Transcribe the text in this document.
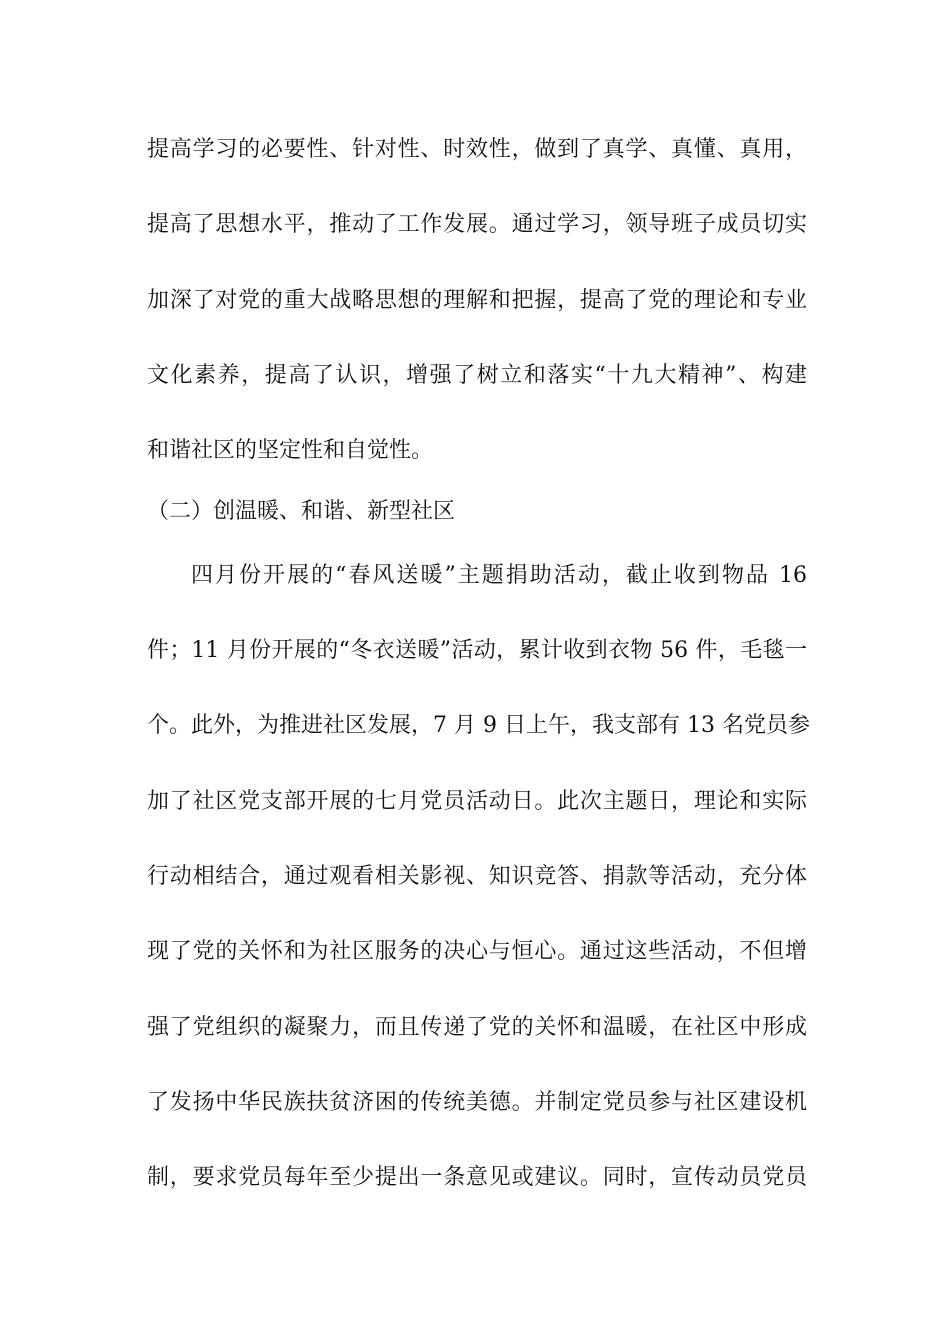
提高学习的必要性、针对性、时效性，做到了真学、真懂、真用，
提高了思想水平，推动了工作发展。通过学习，领导班子成员切实
加深了对党的重大战略思想的理解和把握，提高了党的理论和专业
文化素养，提高了认识，增强了树立和落实“十九大精神”、构建
和谐社区的坚定性和自觉性。
（二）创温暖、和谐、新型社区
四月份开展的“春风送暖”主题捐助活动，截止收到物品 16
件；11 月份开展的“冬衣送暖”活动，累计收到衣物 56 件，毛毯一
个。此外，为推进社区发展，7 月 9 日上午，我支部有 13 名党员参
加了社区党支部开展的七月党员活动日。此次主题日，理论和实际
行动相结合，通过观看相关影视、知识竞答、捐款等活动，充分体
现了党的关怀和为社区服务的决心与恒心。通过这些活动，不但增
强了党组织的凝聚力，而且传递了党的关怀和温暖，在社区中形成
了发扬中华民族扶贫济困的传统美德。并制定党员参与社区建设机
制，要求党员每年至少提出一条意见或建议。同时，宣传动员党员
